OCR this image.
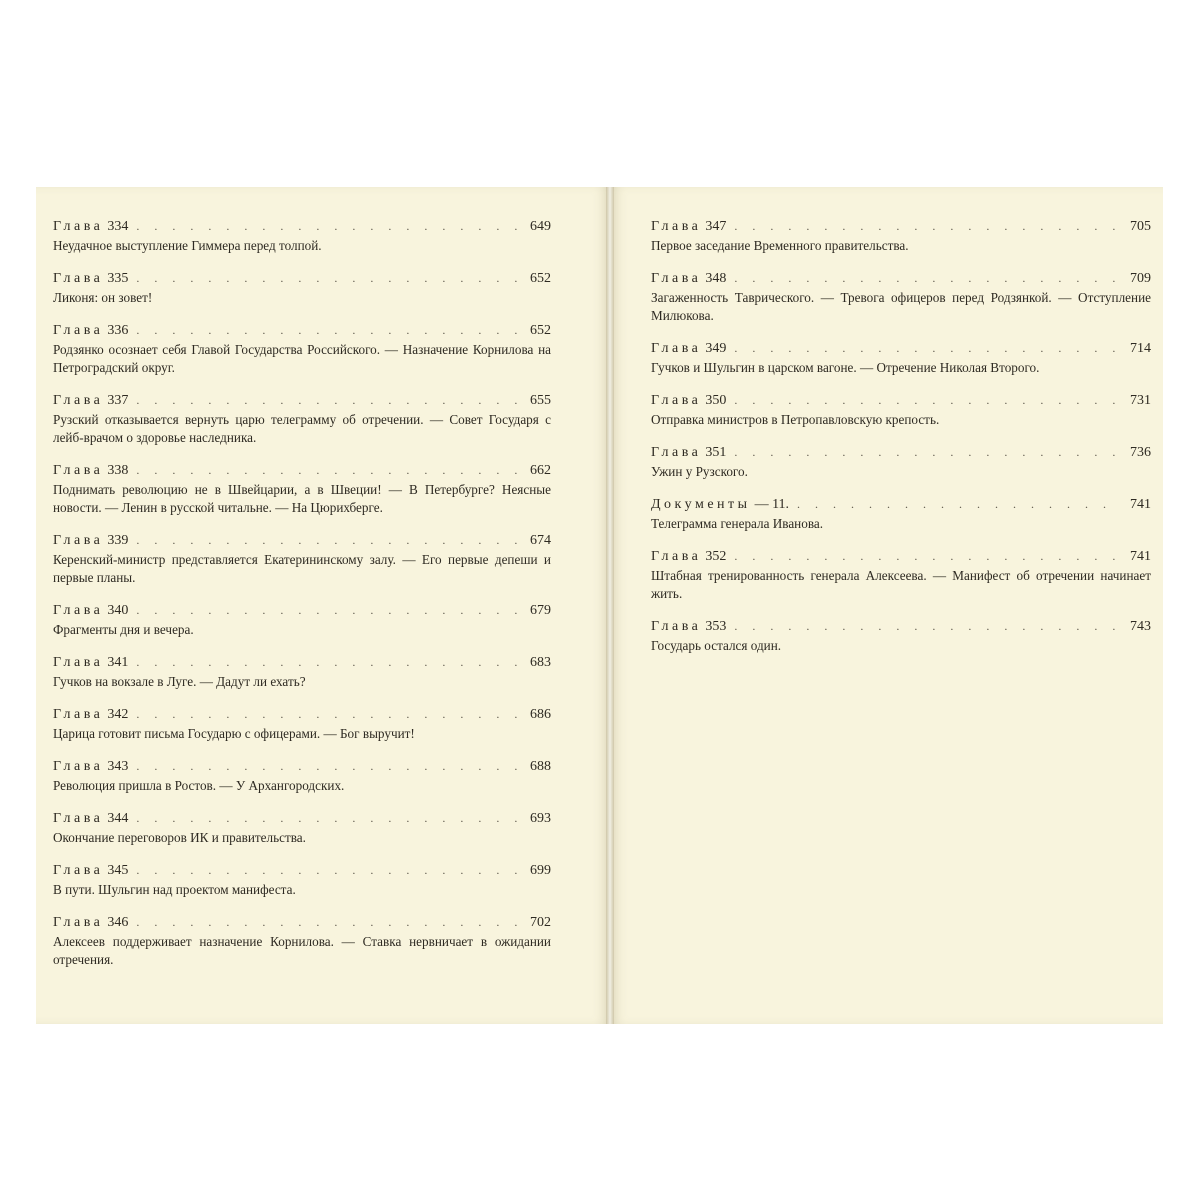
Глава 334 . . .	649
Неудачное выступление Гиммера перед толпой.
Глава 335 . . .	652
Ликоня: он зовет!
Глава 336 . . .	652
Родзянко осознает себя Главой Государства Российского. — Назначение Корнилова на Петроградский округ.
Глава 337 . . .	655
Рузский отказывается вернуть царю телеграмму об отречении. — Совет Государя с лейб-врачом о здоровье наследника.
Глава 338 . . .	662
Поднимать революцию не в Швейцарии, а в Швеции! — В Петербурге? Неясные новости. — Ленин в русской читальне. — На Цюрихберге.
Глава 339 . . .	674
Керенский-министр представляется Екатерининскому залу. — Его первые депеши и первые планы.
Глава 340 . . .	679
Фрагменты дня и вечера.
Глава 341 . . .	683
Гучков на вокзале в Луге. — Дадут ли ехать?
Глава 342 . . .	686
Царица готовит письма Государю с офицерами. — Бог выручит!
Глава 343 . . .	688
Революция пришла в Ростов. — У Архангородских.
Глава 344 . . .	693
Окончание переговоров ИК и правительства.
Глава 345 . . .	699
В пути. Шульгин над проектом манифеста.
Глава 346 . . .	702
Алексеев поддерживает назначение Корнилова. — Ставка нервничает в ожидании отречения.
Глава 347 . . .	705
Первое заседание Временного правительства.
Глава 348 . . .	709
Загаженность Таврического. — Тревога офицеров перед Родзянкой. — Отступление Милюкова.
Глава 349 . . .	714
Гучков и Шульгин в царском вагоне. — Отречение Николая Второго.
Глава 350 . . .	731
Отправка министров в Петропавловскую крепость.
Глава 351 . . .	736
Ужин у Рузского.
Документы — 11. . . .	741
Телеграмма генерала Иванова.
Глава 352 . . .	741
Штабная тренированность генерала Алексеева. — Манифест об отречении начинает жить.
Глава 353 . . .	743
Государь остался один.
